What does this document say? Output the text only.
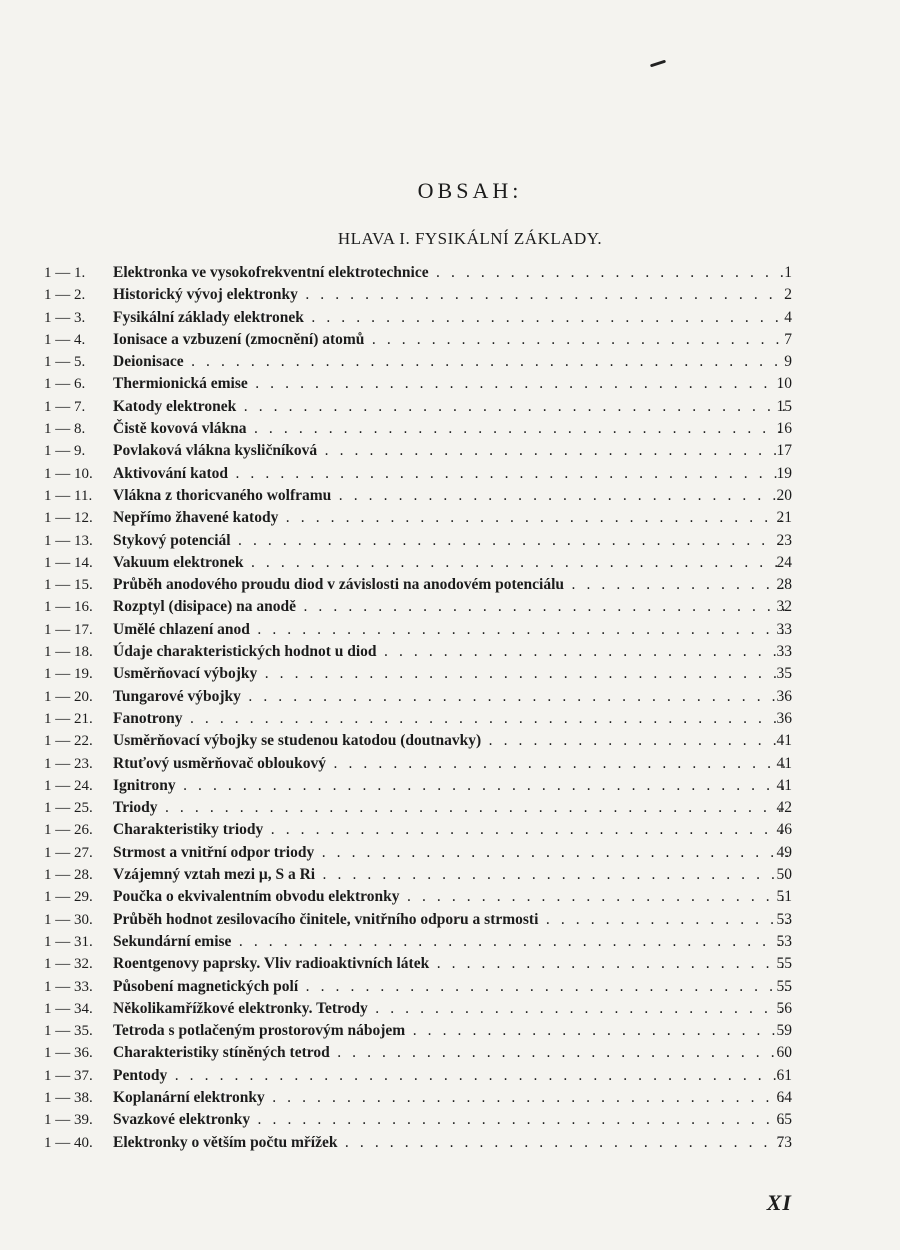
OBSAH:
HLAVA I. FYSIKÁLNÍ ZÁKLADY.
1 — 1.	Elektronka ve vysokofrekventní elektrotechnice . . .	1
1 — 2.	Historický vývoj elektronky . . .	2
1 — 3.	Fysikální základy elektronek . . .	4
1 — 4.	Ionisace a vzbuzení (zmocnění) atomů . . .	7
1 — 5.	Deionisace . . .	9
1 — 6.	Thermionická emise . . .	10
1 — 7.	Katody elektronek . . .	15
1 — 8.	Čistě kovová vlákna . . .	16
1 — 9.	Povlaková vlákna kysličníková . . .	17
1 — 10.	Aktivování katod . . .	19
1 — 11.	Vlákna z thoricvaného wolframu . . .	20
1 — 12.	Nepřímo žhavené katody . . .	21
1 — 13.	Stykový potenciál . . .	23
1 — 14.	Vakuum elektronek . . .	24
1 — 15.	Průběh anodového proudu diod v závislosti na anodovém potenciálu . . .	28
1 — 16.	Rozptyl (disipace) na anodě . . .	32
1 — 17.	Umělé chlazení anod . . .	33
1 — 18.	Údaje charakteristických hodnot u diod . . .	33
1 — 19.	Usměrňovací výbojky . . .	35
1 — 20.	Tungarové výbojky . . .	36
1 — 21.	Fanotrony . . .	36
1 — 22.	Usměrňovací výbojky se studenou katodou (doutnavky) . . .	41
1 — 23.	Rtuťový usměrňovač obloukový . . .	41
1 — 24.	Ignitrony . . .	41
1 — 25.	Triody . . .	42
1 — 26.	Charakteristiky triody . . .	46
1 — 27.	Strmost a vnitřní odpor triody . . .	49
1 — 28.	Vzájemný vztah mezi μ, S a Ri . . .	50
1 — 29.	Poučka o ekvivalentním obvodu elektronky . . .	51
1 — 30.	Průběh hodnot zesilovacího činitele, vnitřního odporu a strmosti . . .	53
1 — 31.	Sekundární emise . . .	53
1 — 32.	Roentgenovy paprsky. Vliv radioaktivních látek . . .	55
1 — 33.	Působení magnetických polí . . .	55
1 — 34.	Několikamřížkové elektronky. Tetrody . . .	56
1 — 35.	Tetroda s potlačeným prostorovým nábojem . . .	59
1 — 36.	Charakteristiky stíněných tetrod . . .	60
1 — 37.	Pentody . . .	61
1 — 38.	Koplanární elektronky . . .	64
1 — 39.	Svazkové elektronky . . .	65
1 — 40.	Elektronky o větším počtu mřížek . . .	73
XI
